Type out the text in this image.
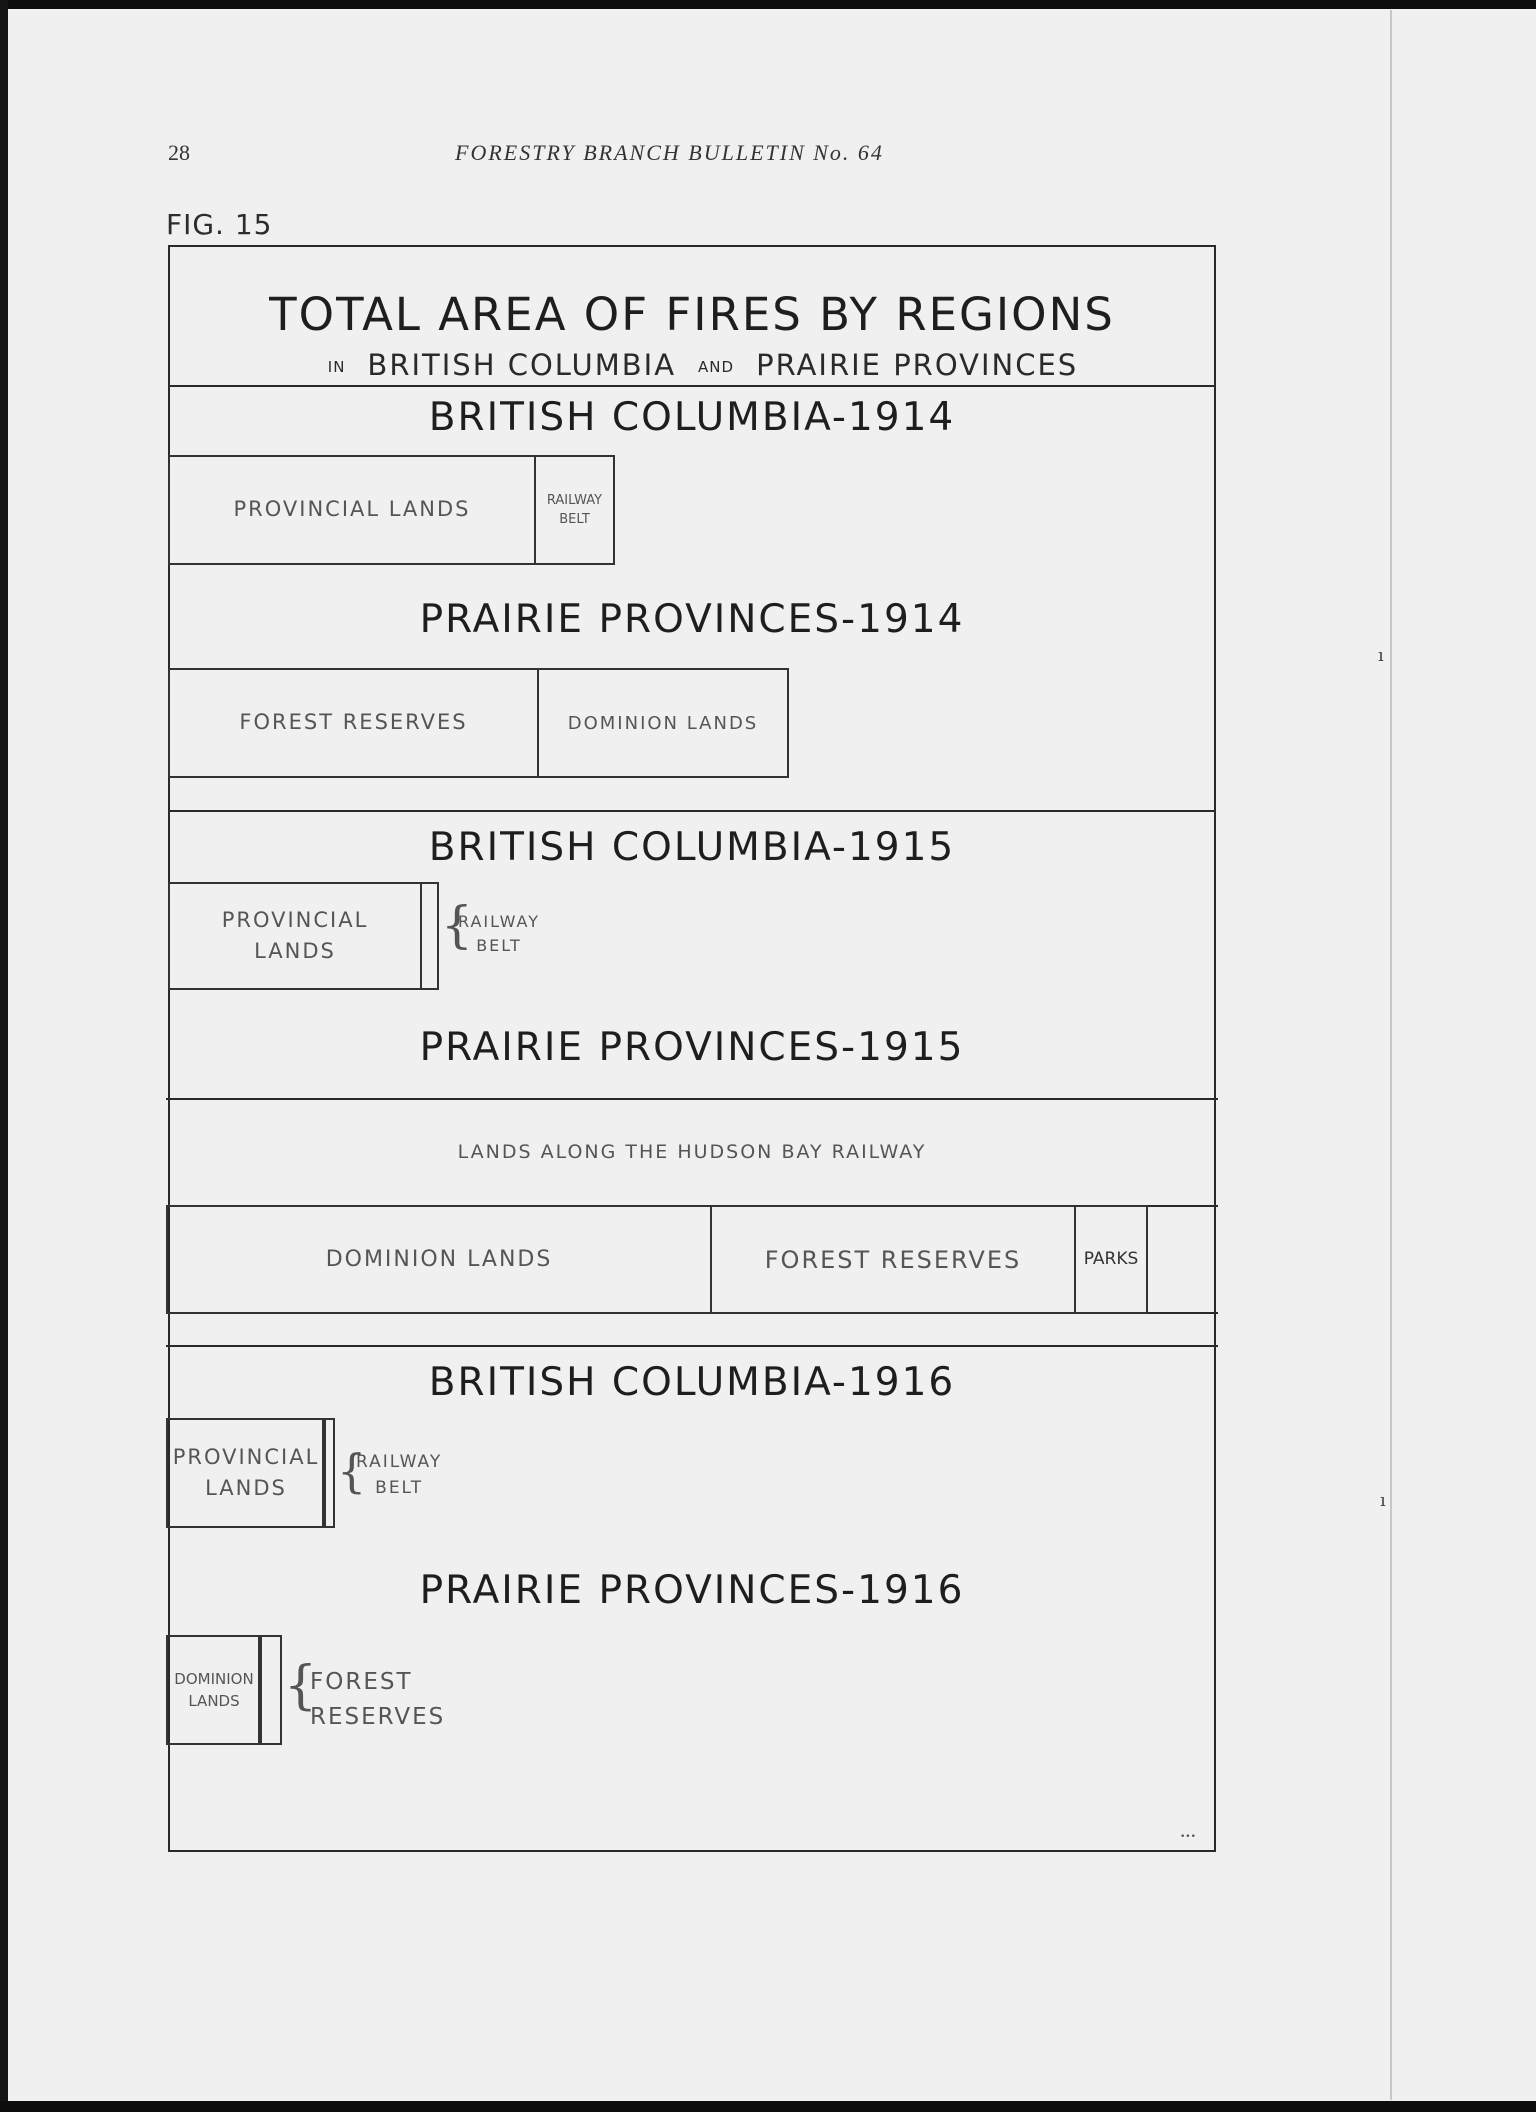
ı
ı
28	FORESTRY BRANCH BULLETIN No. 64
FIG. 15
TOTAL AREA OF FIRES BY REGIONS
IN BRITISH COLUMBIA AND PRAIRIE PROVINCES
BRITISH COLUMBIA-1914
PROVINCIAL LANDS	RAILWAY
BELT
PRAIRIE PROVINCES-1914
FOREST RESERVES	DOMINION LANDS
BRITISH COLUMBIA-1915
PROVINCIAL
LANDS {
RAILWAY
BELT
PRAIRIE PROVINCES-1915
LANDS ALONG THE HUDSON BAY RAILWAY
DOMINION LANDS	FOREST RESERVES	PARKS
BRITISH COLUMBIA-1916
PROVINCIAL
LANDS {
RAILWAY
BELT
PRAIRIE PROVINCES-1916
DOMINION
LANDS {
FOREST
RESERVES
•••
